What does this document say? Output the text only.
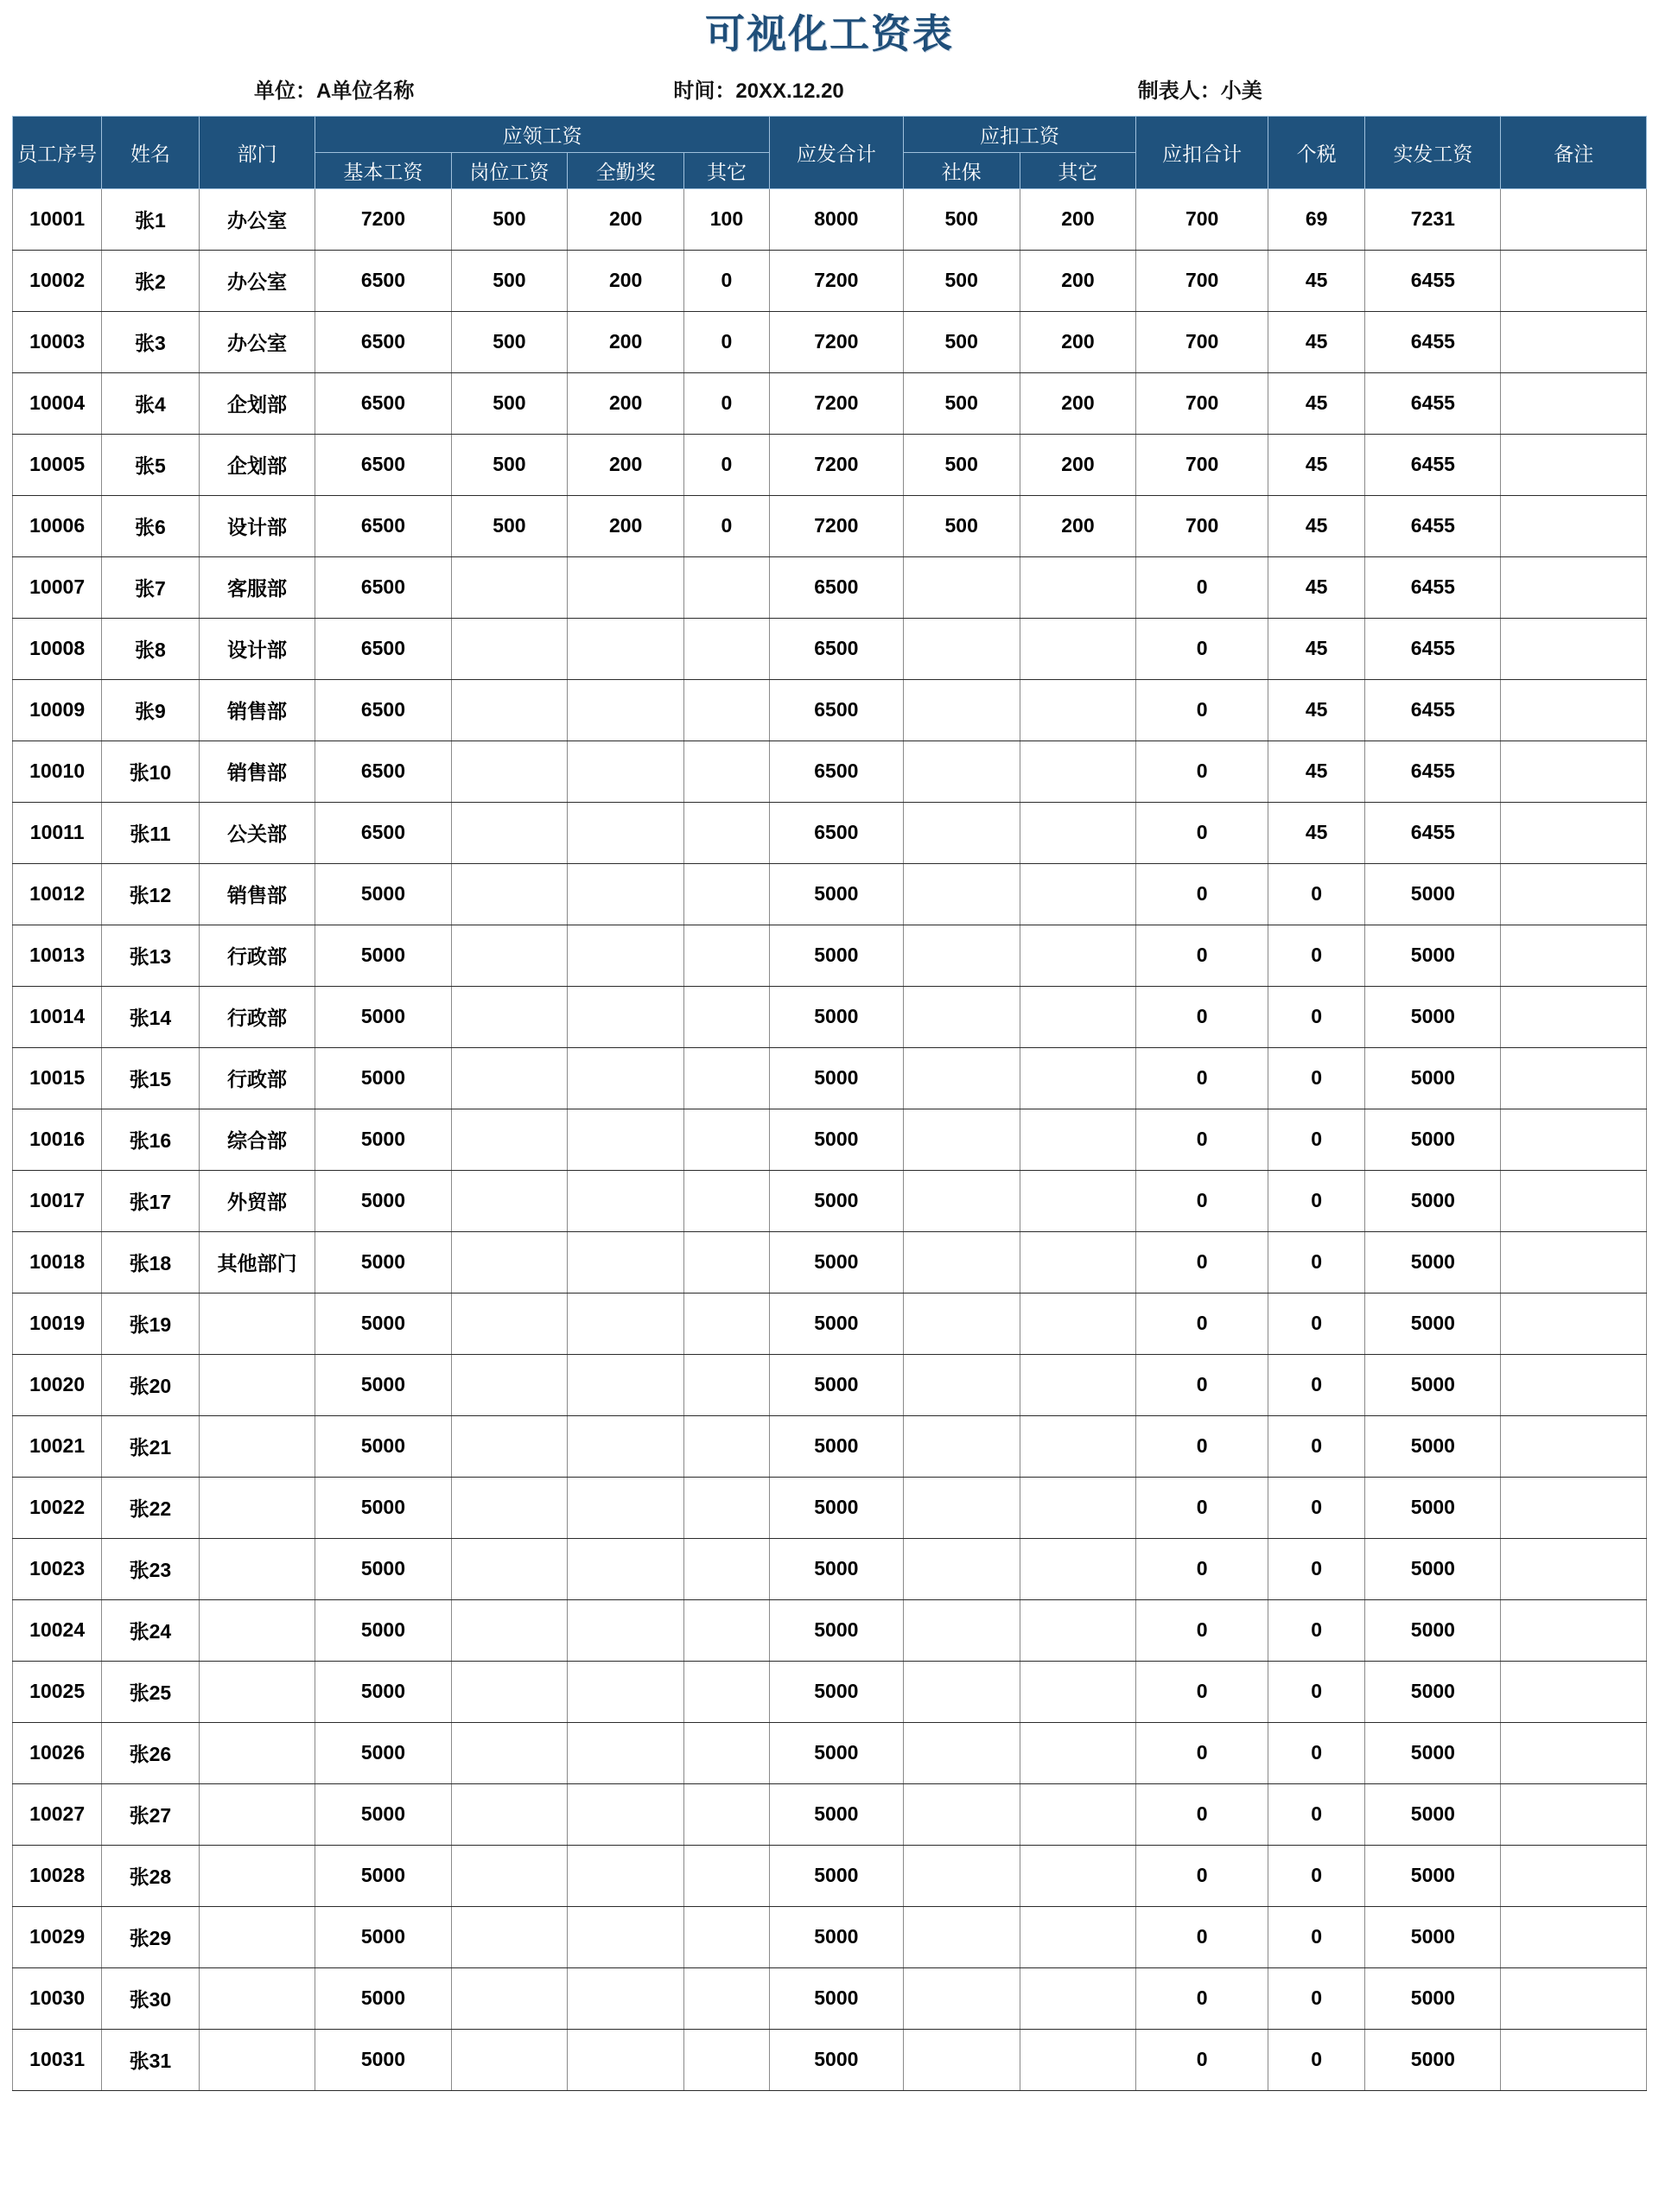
可视化工资表
单位：A单位名称	时间：20XX.12.20	制表人：小美
员工序号	姓名	部门	应领工资				应发合计	应扣工资		应扣合计	个税	实发工资	备注
			基本工资	岗位工资	全勤奖	其它		社保	其它				
10001	张1	办公室	7200	500	200	100	8000	500	200	700	69	7231	
10002	张2	办公室	6500	500	200	0	7200	500	200	700	45	6455	
10003	张3	办公室	6500	500	200	0	7200	500	200	700	45	6455	
10004	张4	企划部	6500	500	200	0	7200	500	200	700	45	6455	
10005	张5	企划部	6500	500	200	0	7200	500	200	700	45	6455	
10006	张6	设计部	6500	500	200	0	7200	500	200	700	45	6455	
10007	张7	客服部	6500				6500			0	45	6455	
10008	张8	设计部	6500				6500			0	45	6455	
10009	张9	销售部	6500				6500			0	45	6455	
10010	张10	销售部	6500				6500			0	45	6455	
10011	张11	公关部	6500				6500			0	45	6455	
10012	张12	销售部	5000				5000			0	0	5000	
10013	张13	行政部	5000				5000			0	0	5000	
10014	张14	行政部	5000				5000			0	0	5000	
10015	张15	行政部	5000				5000			0	0	5000	
10016	张16	综合部	5000				5000			0	0	5000	
10017	张17	外贸部	5000				5000			0	0	5000	
10018	张18	其他部门	5000				5000			0	0	5000	
10019	张19		5000				5000			0	0	5000	
10020	张20		5000				5000			0	0	5000	
10021	张21		5000				5000			0	0	5000	
10022	张22		5000				5000			0	0	5000	
10023	张23		5000				5000			0	0	5000	
10024	张24		5000				5000			0	0	5000	
10025	张25		5000				5000			0	0	5000	
10026	张26		5000				5000			0	0	5000	
10027	张27		5000				5000			0	0	5000	
10028	张28		5000				5000			0	0	5000	
10029	张29		5000				5000			0	0	5000	
10030	张30		5000				5000			0	0	5000	
10031	张31		5000				5000			0	0	5000	
